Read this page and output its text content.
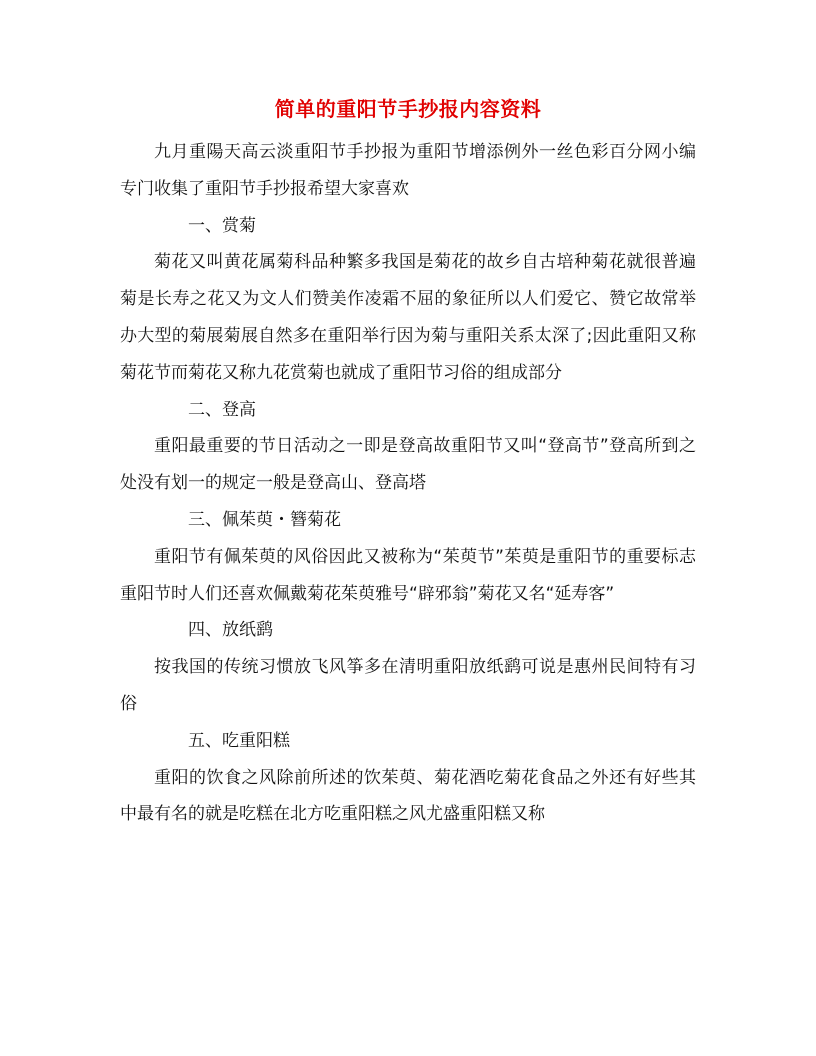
简单的重阳节手抄报内容资料

九月重陽天高云淡重阳节手抄报为重阳节增添例外一丝色彩百分网小编专门收集了重阳节手抄报希望大家喜欢

一、赏菊

菊花又叫黄花属菊科品种繁多我国是菊花的故乡自古培种菊花就很普遍菊是长寿之花又为文人们赞美作凌霜不屈的象征所以人们爱它、赞它故常举办大型的菊展菊展自然多在重阳举行因为菊与重阳关系太深了;因此重阳又称菊花节而菊花又称九花赏菊也就成了重阳节习俗的组成部分

二、登高

重阳最重要的节日活动之一即是登高故重阳节又叫“登高节”登高所到之处没有划一的规定一般是登高山、登高塔

三、佩茱萸・簪菊花

重阳节有佩茱萸的风俗因此又被称为“茱萸节”茱萸是重阳节的重要标志重阳节时人们还喜欢佩戴菊花茱萸雅号“辟邪翁”菊花又名“延寿客”

四、放纸鹞

按我国的传统习惯放飞风筝多在清明重阳放纸鹞可说是惠州民间特有习俗

五、吃重阳糕

重阳的饮食之风除前所述的饮茱萸、菊花酒吃菊花食品之外还有好些其中最有名的就是吃糕在北方吃重阳糕之风尤盛重阳糕又称
